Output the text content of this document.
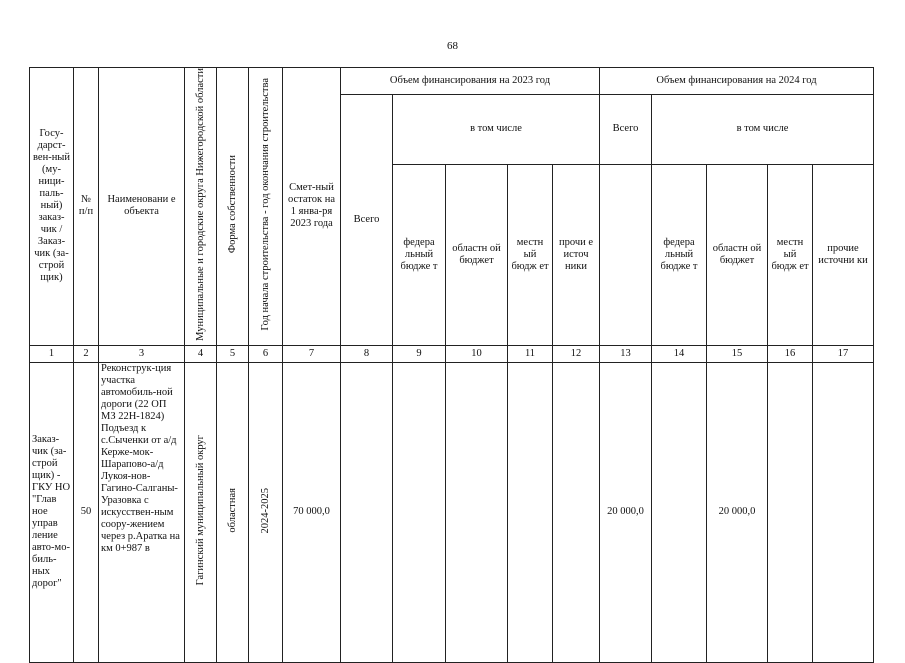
68
Госу-дарст-вен-ный (му-ници-паль-ный) заказ-чик / Заказ-чик (за-строй щик)	№ п/п	Наименовани е объекта	Муниципальные и городские округа Нижегородской области	Форма собственности	Год начала строительства - год окончания строительства	Смет-ный остаток на 1 янва-ря 2023 года	Объем финансирования на 2023 год					Объем финансирования на 2024 год				
							Всего	в том числе				Всего	в том числе			
								федера льный бюдже т	областн ой бюджет	местн ый бюдж ет	прочи е источ ники		федера льный бюдже т	областн ой бюджет	местн ый бюдж ет	прочие источни ки

1	2	3	4	5	6	7	8	9	10	11	12	13	14	15	16	17
Заказ-чик (за-строй щик) - ГКУ НО "Глав ное управ ление авто-мо-биль-ных дорог"	50	Реконструк-ция участка автомобиль-ной дороги (22 ОП МЗ 22Н-1824) Подъезд к с.Сыченки от а/д Керже-мок-Шарапово-а/д Лукоя-нов-Гагино-Салганы-Уразовка с искусствен-ным соору-жением через р.Аратка на км 0+987 в	Гагинский муниципальный округ	областная	2024-2025	70 000,0						20 000,0		20 000,0		
